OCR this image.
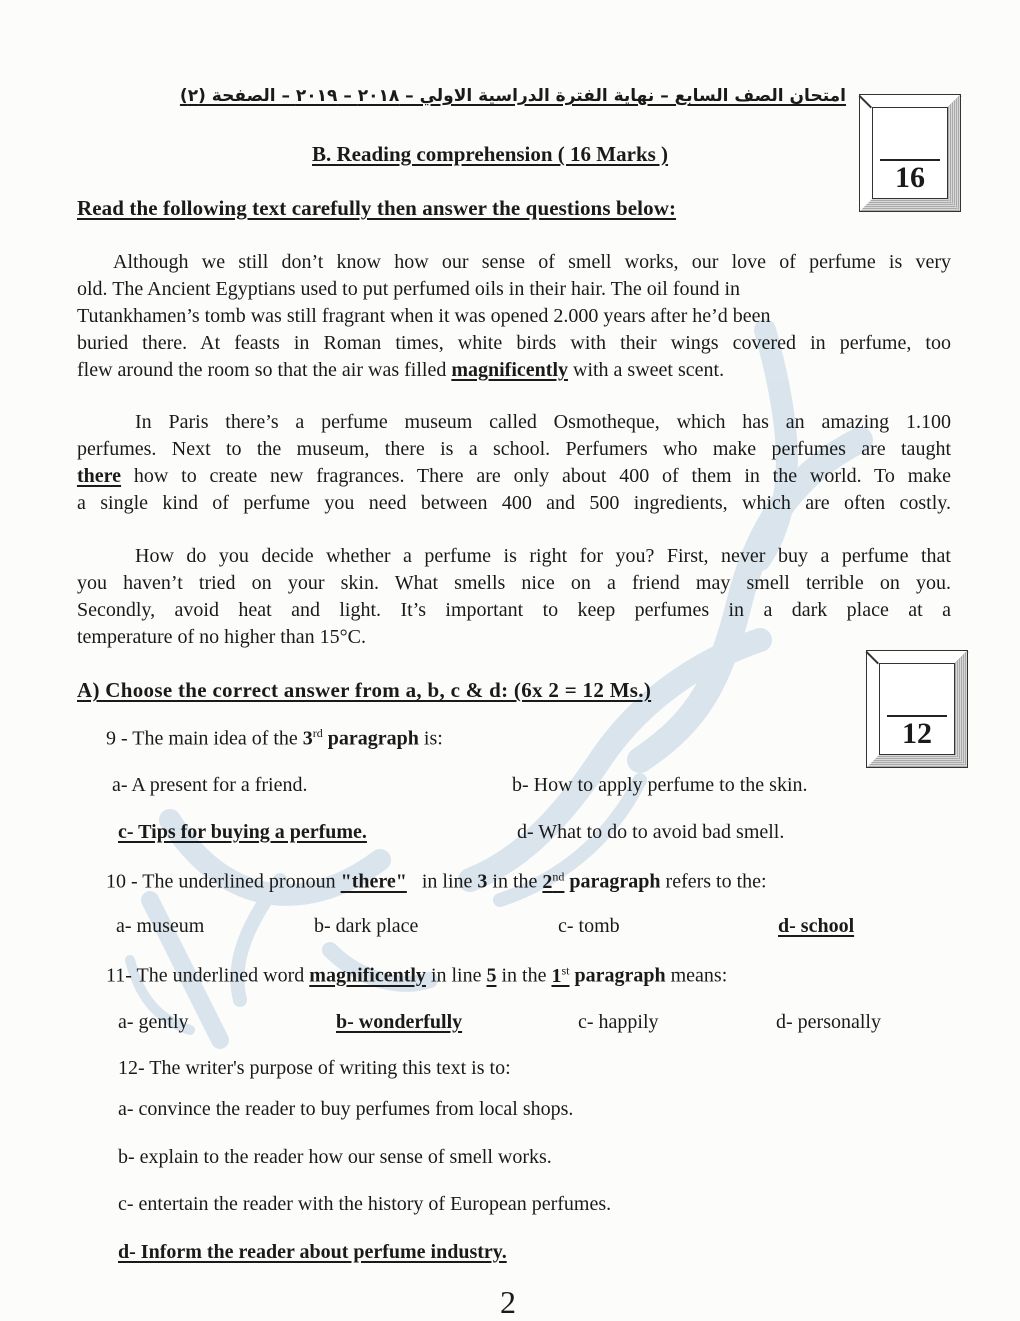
امتحان الصف السابع – نهاية الفترة الدراسية الاولي – ٢٠١٨ – ٢٠١٩ – الصفحة (٢)
B. Reading comprehension ( 16 Marks )
Read the following text carefully then answer the questions below:
16
Although we still don’t know how our sense of smell works, our love of perfume is very
old. The Ancient Egyptians used to put perfumed oils in their hair. The oil found in
Tutankhamen’s tomb was still fragrant when it was opened 2.000 years after he’d been
buried there. At feasts in Roman times, white birds with their wings covered in perfume, too
flew around the room so that the air was filled magnificently with a sweet scent.
In Paris there’s a perfume museum called Osmotheque, which has an amazing 1.100
perfumes. Next to the museum, there is a school. Perfumers who make perfumes are taught
there how to create new fragrances. There are only about 400 of them in the world. To make
a single kind of perfume you need between 400 and 500 ingredients, which are often costly.
How do you decide whether a perfume is right for you? First, never buy a perfume that
you haven’t tried on your skin. What smells nice on a friend may smell terrible on you.
Secondly, avoid heat and light. It’s important to keep perfumes in a dark place at a
temperature of no higher than 15°C.
A) Choose the correct answer from a, b, c & d: (6x 2 = 12 Ms.)
12
9 - The main idea of the 3rd paragraph is:
a- A present for a friend.	b- How to apply perfume to the skin.
c- Tips for buying a perfume.	d- What to do to avoid bad smell.
10 - The underlined pronoun "there"   in line 3 in the 2nd paragraph refers to the:
a- museum	b- dark place	c- tomb	d- school
11- The underlined word magnificently in line 5 in the 1st paragraph means:
a- gently	b- wonderfully	c- happily	d- personally
12- The writer's purpose of writing this text is to:
a- convince the reader to buy perfumes from local shops.
b- explain to the reader how our sense of smell works.
c- entertain the reader with the history of European perfumes.
d- Inform the reader about perfume industry.
2
